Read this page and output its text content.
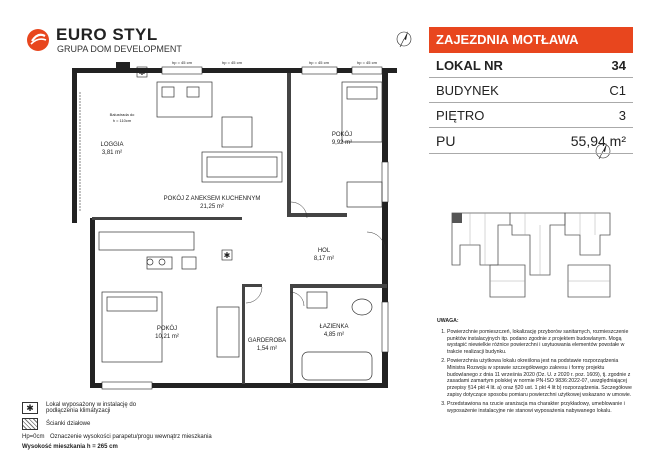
EURO STYL
GRUPA DOM DEVELOPMENT
ZAJEZDNIA MOTŁAWA
LOKAL NR	34
BUDYNEK	C1
PIĘTRO	3
PU	55,94 m²
UWAGA:
1. Powierzchnie pomieszczeń, lokalizację przyborów sanitarnych, rozmieszczenie punktów instalacyjnych itp. podano zgodnie z projektem budowlanym. Mogą wystąpić niewielkie różnice powierzchni i usytuowania elementów powstałe w trakcie realizacji budynku.
2. Powierzchnia użytkowa lokalu określona jest na podstawie rozporządzenia Ministra Rozwoju w sprawie szczegółowego zakresu i formy projektu budowlanego z dnia 11 września 2020 (Dz. U. z 2020 r. poz. 1609), tj. zgodnie z zasadami zamartym polskiej w normie PN-ISO 9836:2022-07, uwzględniającej przepisy §14 pkt 4 lit. a) oraz §20 ust. 1 pkt 4 lit b) rozporządzenia. Szczegółowe zapisy dotyczące sposobu pomiaru powierzchni użytkowej wskazano w umowie.
3. Przedstawiona na rzucie aranżacja ma charakter przykładowy, umeblowanie i wyposażenie instalacyjne nie stanowi wyposażenia nabywanego lokalu.
✱	Lokal wyposażony w instalację do podłączenia klimatyzacji
Ścianki działowe
Hp=0cm Oznaczenie wysokości parapetu/progu wewnątrz mieszkania
Wysokość mieszkania h = 265 cm
hp = 45 cm	hp = 45 cm	hp = 45 cm	hp = 45 cm
✱
✱
LOGGIA
3,81 m²
Balustrada do
h = 110cm
POKÓJ Z ANEKSEM KUCHENNYM
21,25 m²
POKÓJ
9,92 m²
HOL
8,17 m²
POKÓJ
10,21 m²
GARDEROBA
1,54 m²
ŁAZIENKA
4,85 m²
